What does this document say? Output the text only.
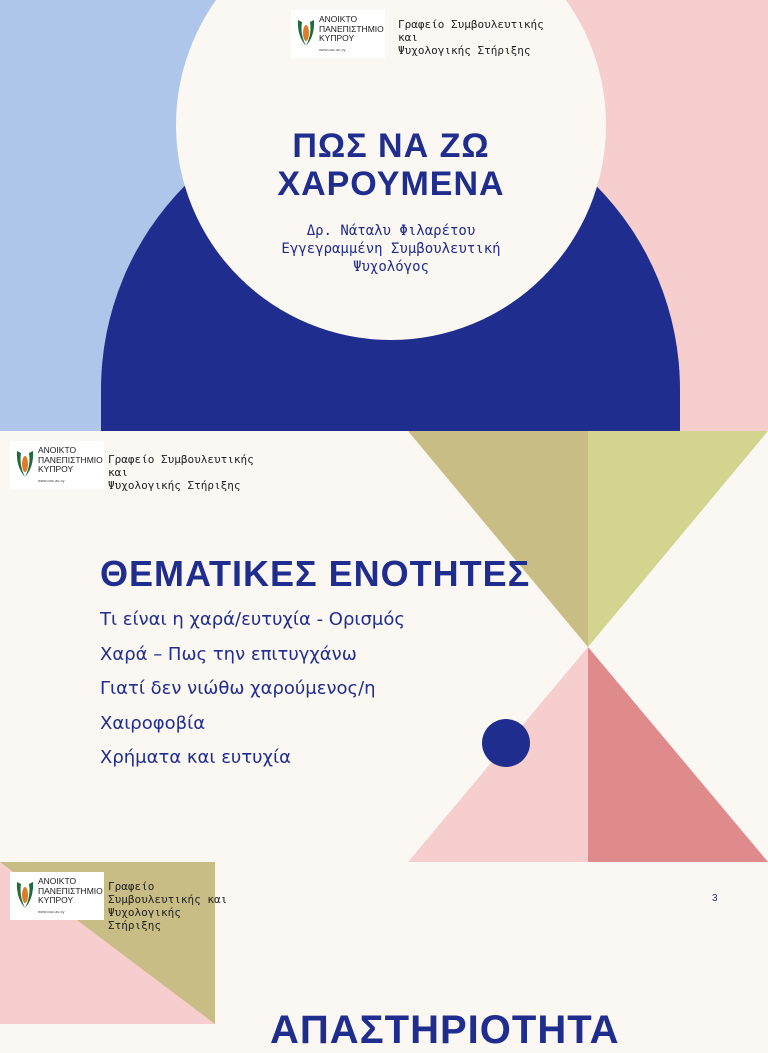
ΑΝΟΙΚΤΟ
ΠΑΝΕΠΙΣΤΗΜΙΟ
ΚΥΠΡΟΥ
www.ouc.ac.cy
Γραφείο Συμβουλευτικής
και
Ψυχολογικής Στήριξης
ΠΩΣ ΝΑ ΖΩ
ΧΑΡΟΥΜΕΝΑ
Δρ. Νάταλυ Φιλαρέτου
Εγγεγραμμένη Συμβουλευτική
Ψυχολόγος
ΑΝΟΙΚΤΟ
ΠΑΝΕΠΙΣΤΗΜΙΟ
ΚΥΠΡΟΥ
www.ouc.ac.cy
Γραφείο Συμβουλευτικής
και
Ψυχολογικής Στήριξης
ΘΕΜΑΤΙΚΕΣ ΕΝΟΤΗΤΕΣ
Τι είναι η χαρά/ευτυχία - Ορισμός
Χαρά – Πως την επιτυγχάνω
Γιατί δεν νιώθω χαρούμενος/η
Χαιροφοβία
Χρήματα και ευτυχία
ΑΝΟΙΚΤΟ
ΠΑΝΕΠΙΣΤΗΜΙΟ
ΚΥΠΡΟΥ
www.ouc.ac.cy
Γραφείο
Συμβουλευτικής και
Ψυχολογικής
Στήριξης
3
ΑΠΑΣΤΗΡΙΟΤΗΤΑ
